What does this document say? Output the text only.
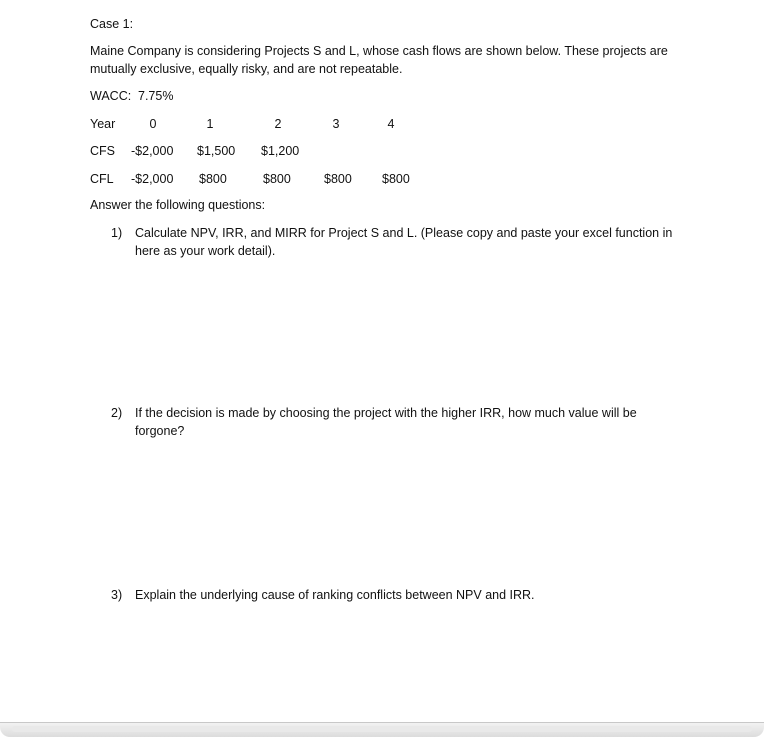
Case 1:
Maine Company is considering Projects S and L, whose cash flows are shown below. These projects are mutually exclusive, equally risky, and are not repeatable.
WACC: 7.75%
Year	0	1	2	3	4
CFS -$2,000 $1,500 $1,200
CFL -$2,000 $800	$800	$800 $800
Answer the following questions:
1) Calculate NPV, IRR, and MIRR for Project S and L. (Please copy and paste your excel function in here as your work detail).
2) If the decision is made by choosing the project with the higher IRR, how much value will be forgone?
3) Explain the underlying cause of ranking conflicts between NPV and IRR.
